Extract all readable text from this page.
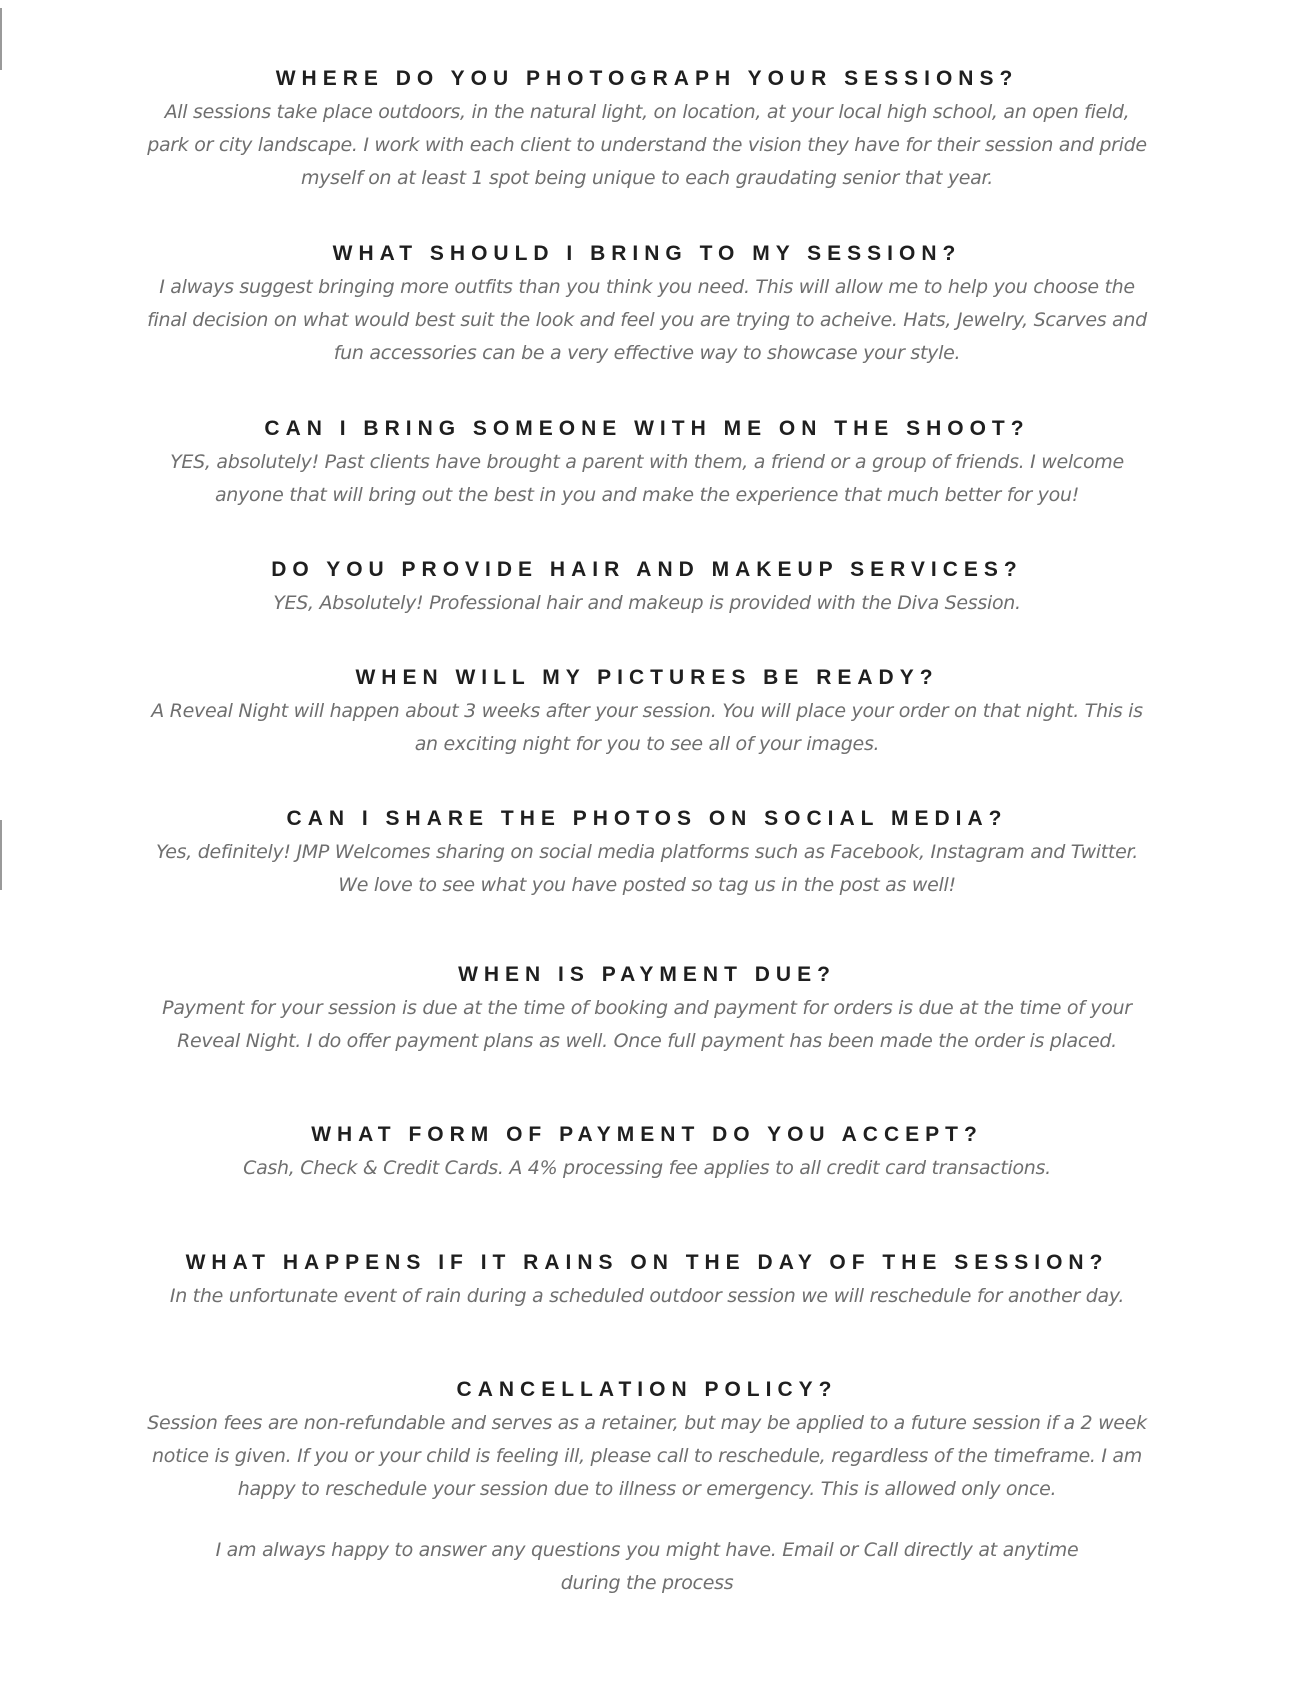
WHERE DO YOU PHOTOGRAPH YOUR SESSIONS?

All sessions take place outdoors, in the natural light, on location, at your local high school, an open field,
park or city landscape. I work with each client to understand the vision they have for their session and pride
myself on at least 1 spot being unique to each graudating senior that year.

WHAT SHOULD I BRING TO MY SESSION?

I always suggest bringing more outfits than you think you need. This will allow me to help you choose the
final decision on what would best suit the look and feel you are trying to acheive. Hats, Jewelry, Scarves and
fun accessories can be a very effective way to showcase your style.

CAN I BRING SOMEONE WITH ME ON THE SHOOT?

YES, absolutely! Past clients have brought a parent with them, a friend or a group of friends. I welcome
anyone that will bring out the best in you and make the experience that much better for you!

DO YOU PROVIDE HAIR AND MAKEUP SERVICES?

YES, Absolutely! Professional hair and makeup is provided with the Diva Session.

WHEN WILL MY PICTURES BE READY?

A Reveal Night will happen about 3 weeks after your session. You will place your order on that night. This is
an exciting night for you to see all of your images.

CAN I SHARE THE PHOTOS ON SOCIAL MEDIA?

Yes, definitely! JMP Welcomes sharing on social media platforms such as Facebook, Instagram and Twitter.
We love to see what you have posted so tag us in the post as well!

WHEN IS PAYMENT DUE?

Payment for your session is due at the time of booking and payment for orders is due at the time of your
Reveal Night. I do offer payment plans as well. Once full payment has been made the order is placed.

WHAT FORM OF PAYMENT DO YOU ACCEPT?

Cash, Check & Credit Cards. A 4% processing fee applies to all credit card transactions.

WHAT HAPPENS IF IT RAINS ON THE DAY OF THE SESSION?

In the unfortunate event of rain during a scheduled outdoor session we will reschedule for another day.

CANCELLATION POLICY?

Session fees are non-refundable and serves as a retainer, but may be applied to a future session if a 2 week
notice is given. If you or your child is feeling ill, please call to reschedule, regardless of the timeframe. I am
happy to reschedule your session due to illness or emergency. This is allowed only once.

I am always happy to answer any questions you might have. Email or Call directly at anytime
during the process
